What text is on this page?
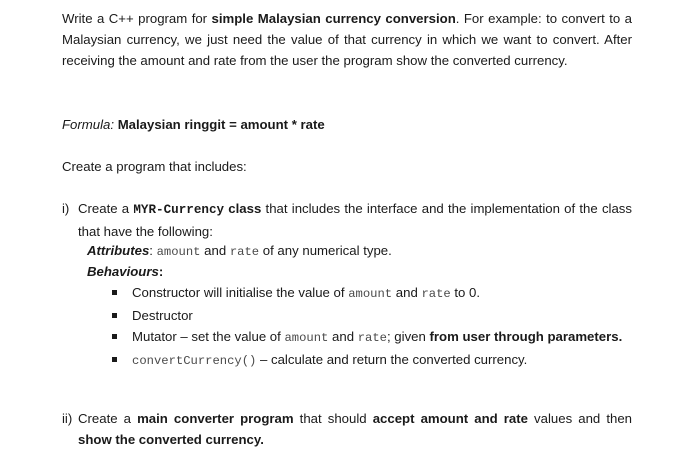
Write a C++ program for simple Malaysian currency conversion. For example: to convert to a Malaysian currency, we just need the value of that currency in which we want to convert. After receiving the amount and rate from the user the program show the converted currency.
Formula: Malaysian ringgit = amount * rate
Create a program that includes:
i) Create a MYR-Currency class that includes the interface and the implementation of the class that have the following:
Attributes: amount and rate of any numerical type.
Behaviours:
Constructor will initialise the value of amount and rate to 0.
Destructor
Mutator – set the value of amount and rate; given from user through parameters.
convertCurrency() – calculate and return the converted currency.
ii) Create a main converter program that should accept amount and rate values and then show the converted currency.
